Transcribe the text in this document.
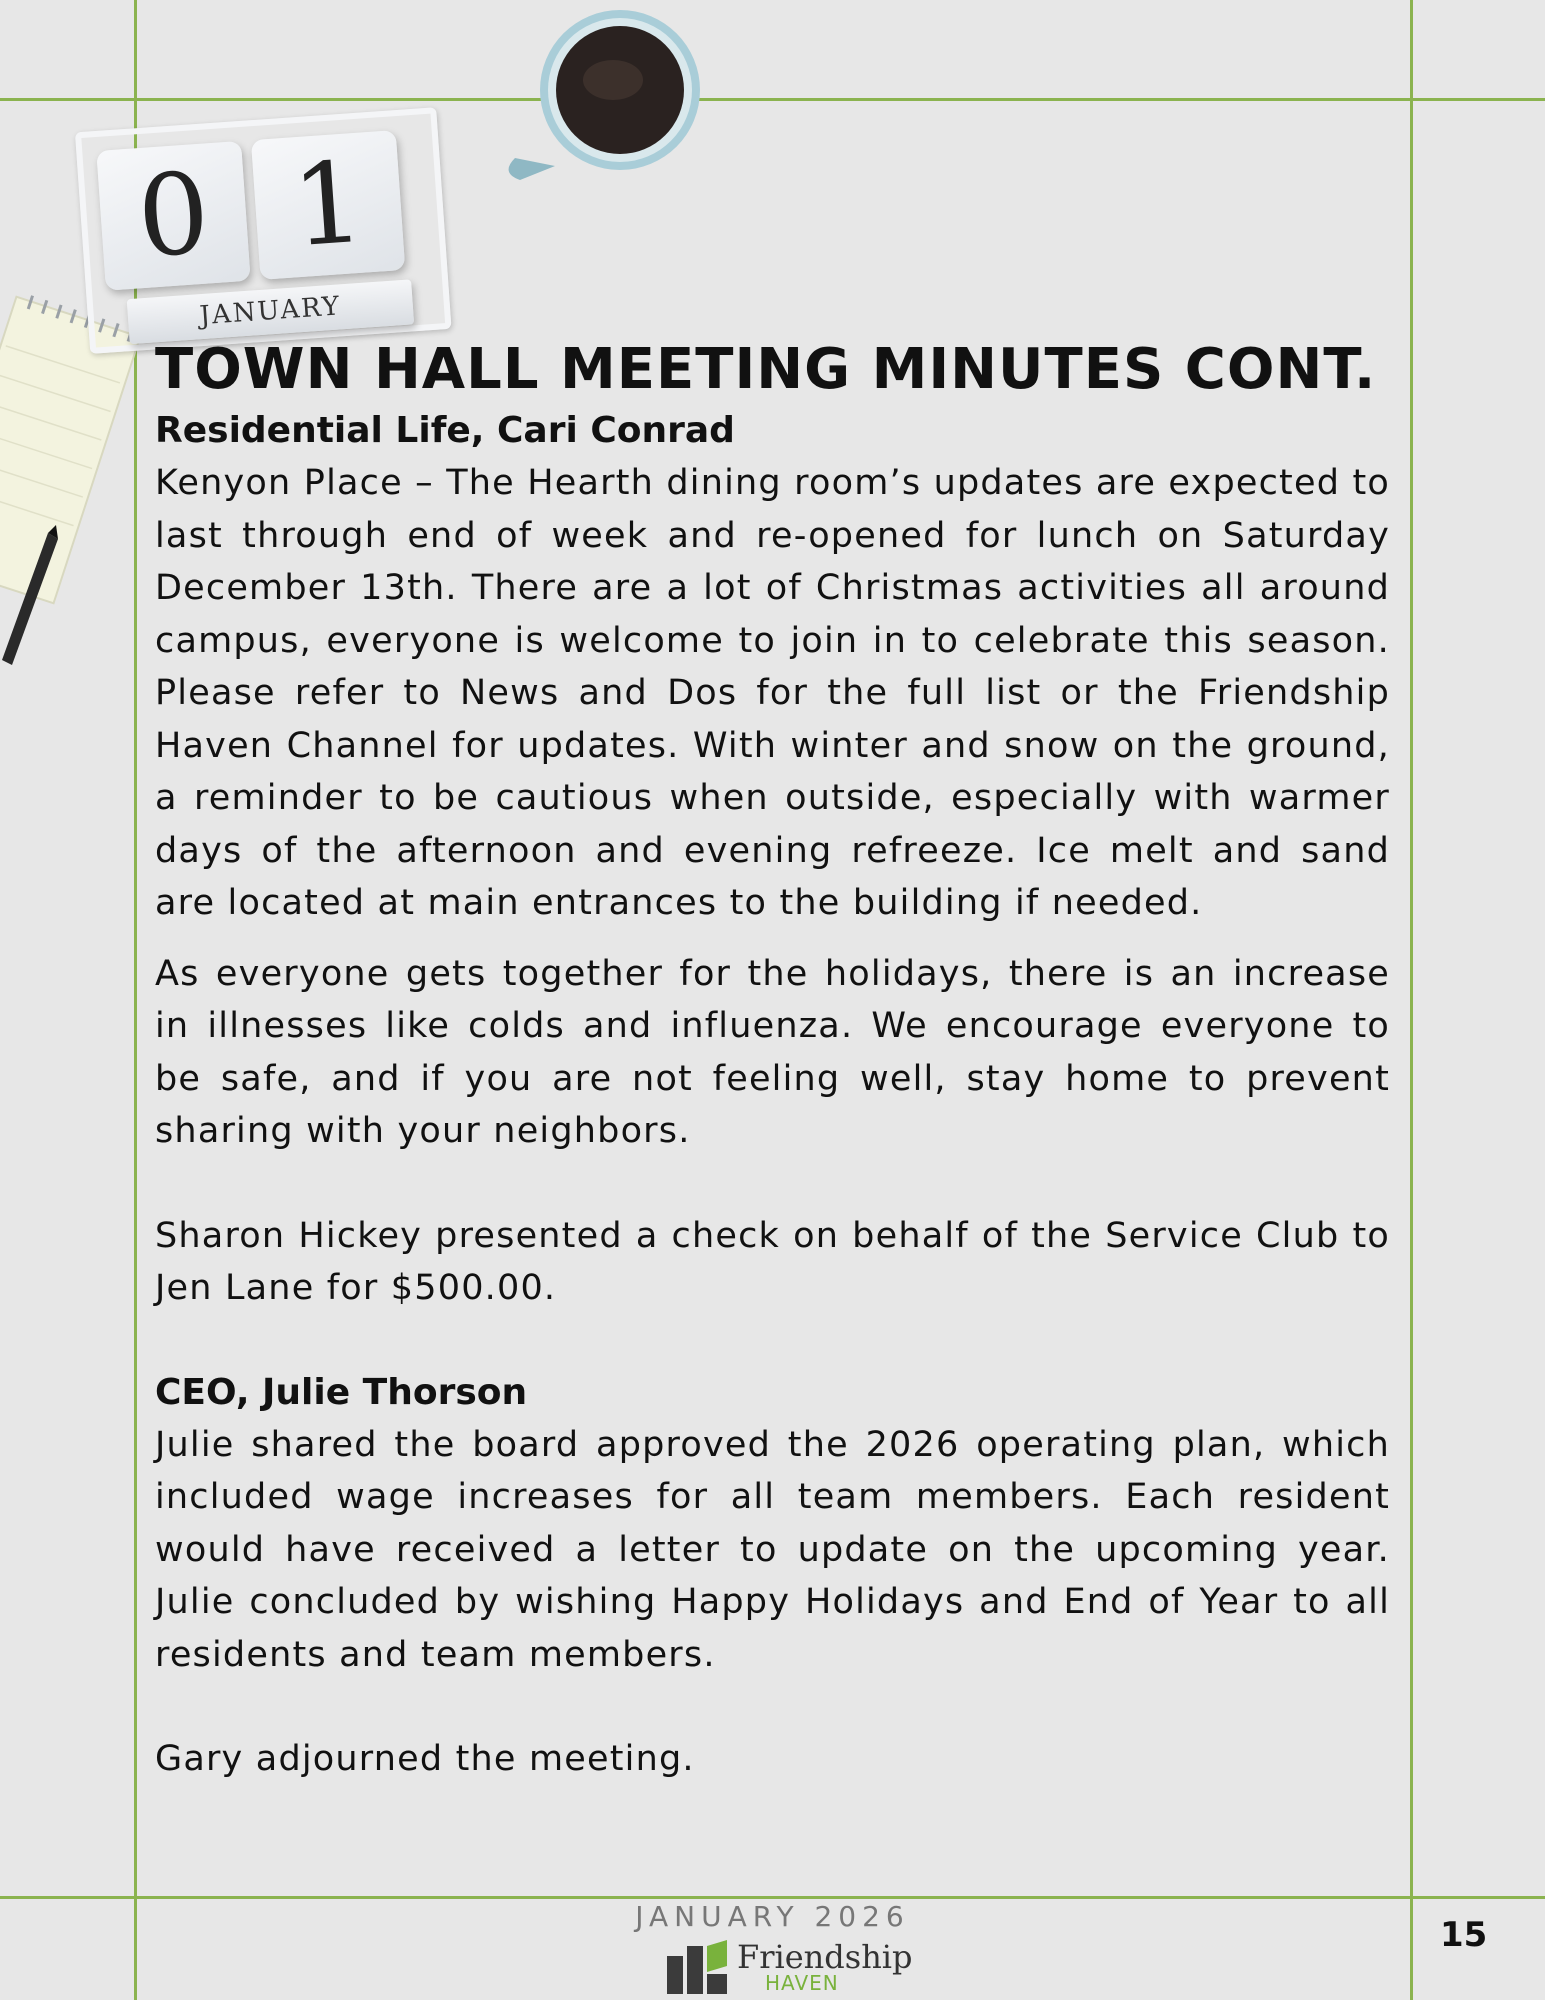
0 1
JANUARY
TOWN HALL MEETING MINUTES CONT.
Residential Life, Cari Conrad

Kenyon Place – The Hearth dining room’s updates are expected to last through end of week and re-opened for lunch on Saturday December 13th. There are a lot of Christmas activities all around campus, everyone is welcome to join in to celebrate this season. Please refer to News and Dos for the full list or the Friendship Haven Channel for updates. With winter and snow on the ground, a reminder to be cautious when outside, especially with warmer days of the afternoon and evening refreeze. Ice melt and sand are located at main entrances to the building if needed.

As everyone gets together for the holidays, there is an increase in illnesses like colds and influenza. We encourage everyone to be safe, and if you are not feeling well, stay home to prevent sharing with your neighbors.

Sharon Hickey presented a check on behalf of the Service Club to Jen Lane for $500.00.

CEO, Julie Thorson

Julie shared the board approved the 2026 operating plan, which included wage increases for all team members. Each resident would have received a letter to update on the upcoming year. Julie concluded by wishing Happy Holidays and End of Year to all residents and team members.

Gary adjourned the meeting.

JANUARY 2026
Friendship
HAVEN
15
